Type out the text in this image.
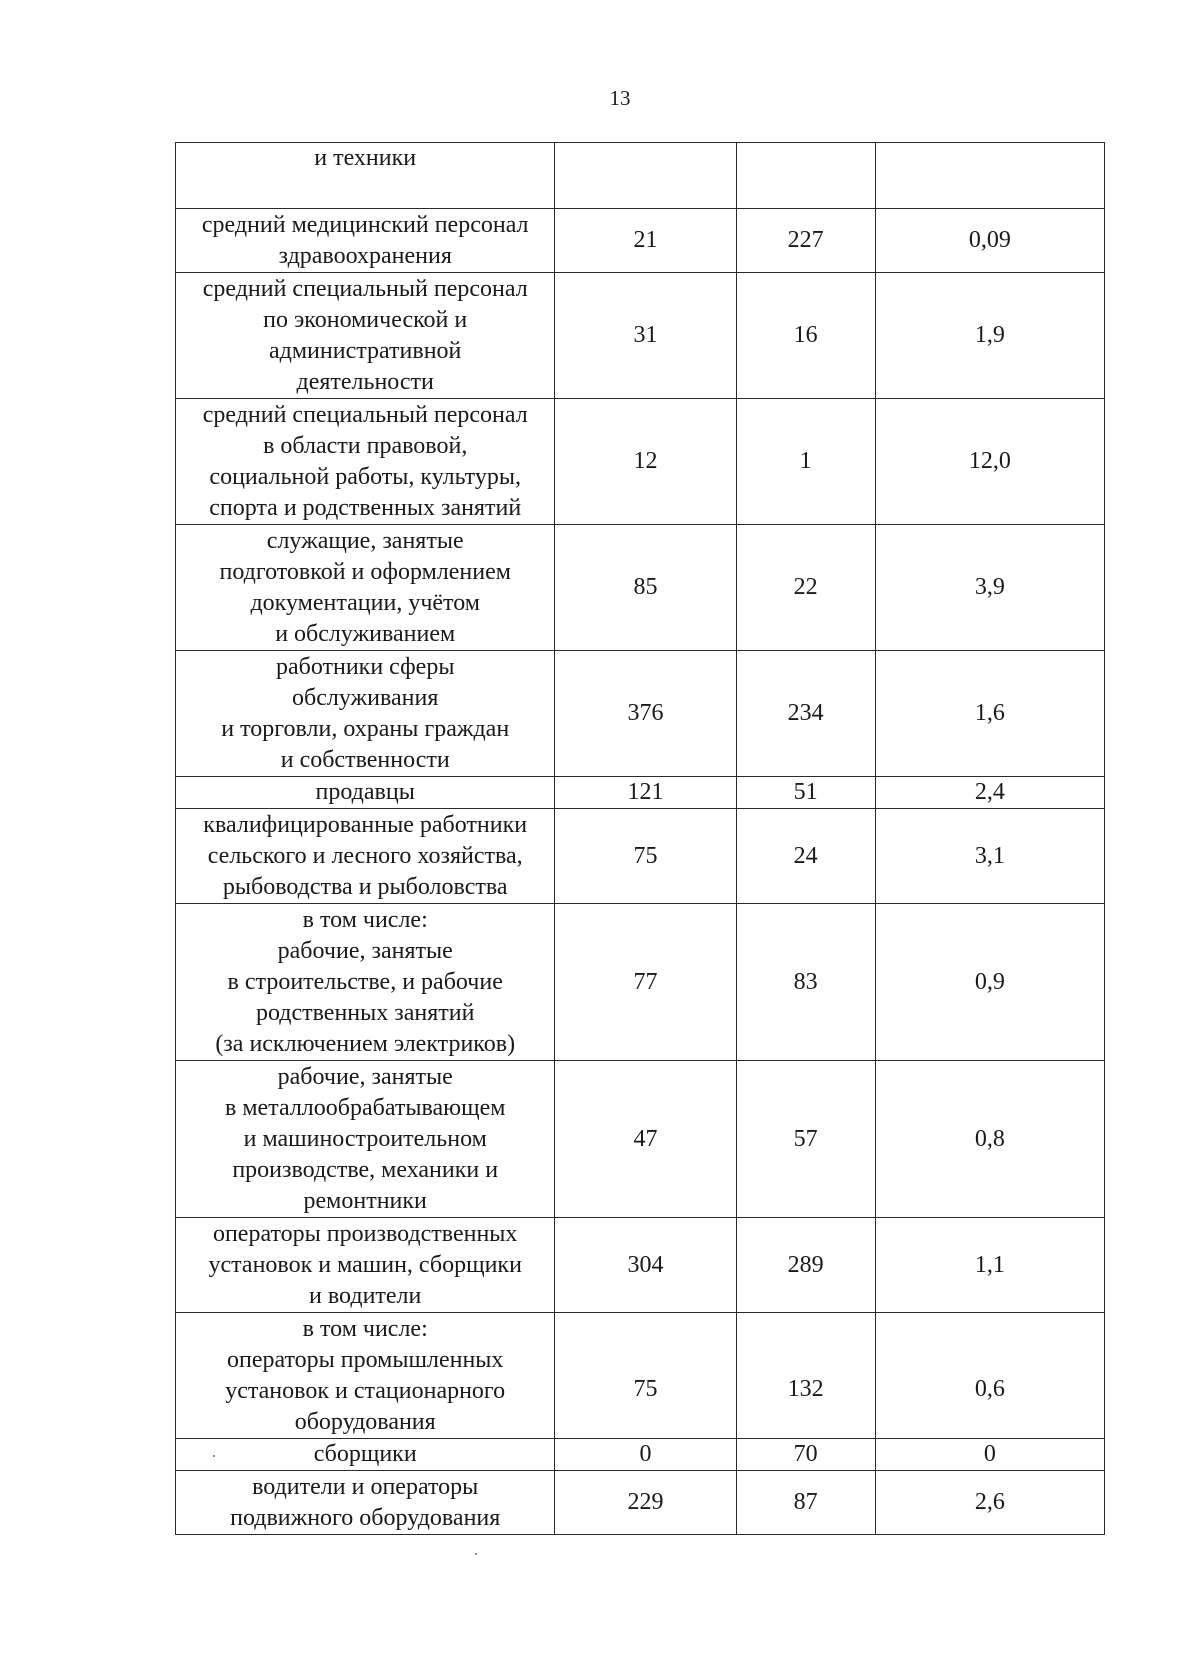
13
и техники			

средний медицинский персонал
здравоохранения	21	227	0,09

средний специальный персонал
по экономической и
административной
деятельности	31	16	1,9

средний специальный персонал
в области правовой,
социальной работы, культуры,
спорта и родственных занятий	12	1	12,0

служащие, занятые
подготовкой и оформлением
документации, учётом
и обслуживанием	85	22	3,9

работники сферы
обслуживания
и торговли, охраны граждан
и собственности	376	234	1,6

продавцы	121	51	2,4

квалифицированные работники
сельского и лесного хозяйства,
рыбоводства и рыболовства	75	24	3,1

в том числе:
рабочие, занятые
в строительстве, и рабочие
родственных занятий
(за исключением электриков)	77	83	0,9

рабочие, занятые
в металлообрабатывающем
и машиностроительном
производстве, механики и
ремонтники	47	57	0,8

операторы производственных
установок и машин, сборщики
и водители	304	289	1,1

в том числе:
операторы промышленных
установок и стационарного
оборудования	75	132	0,6

сборщики	0	70	0

водители и операторы
подвижного оборудования	229	87	2,6
